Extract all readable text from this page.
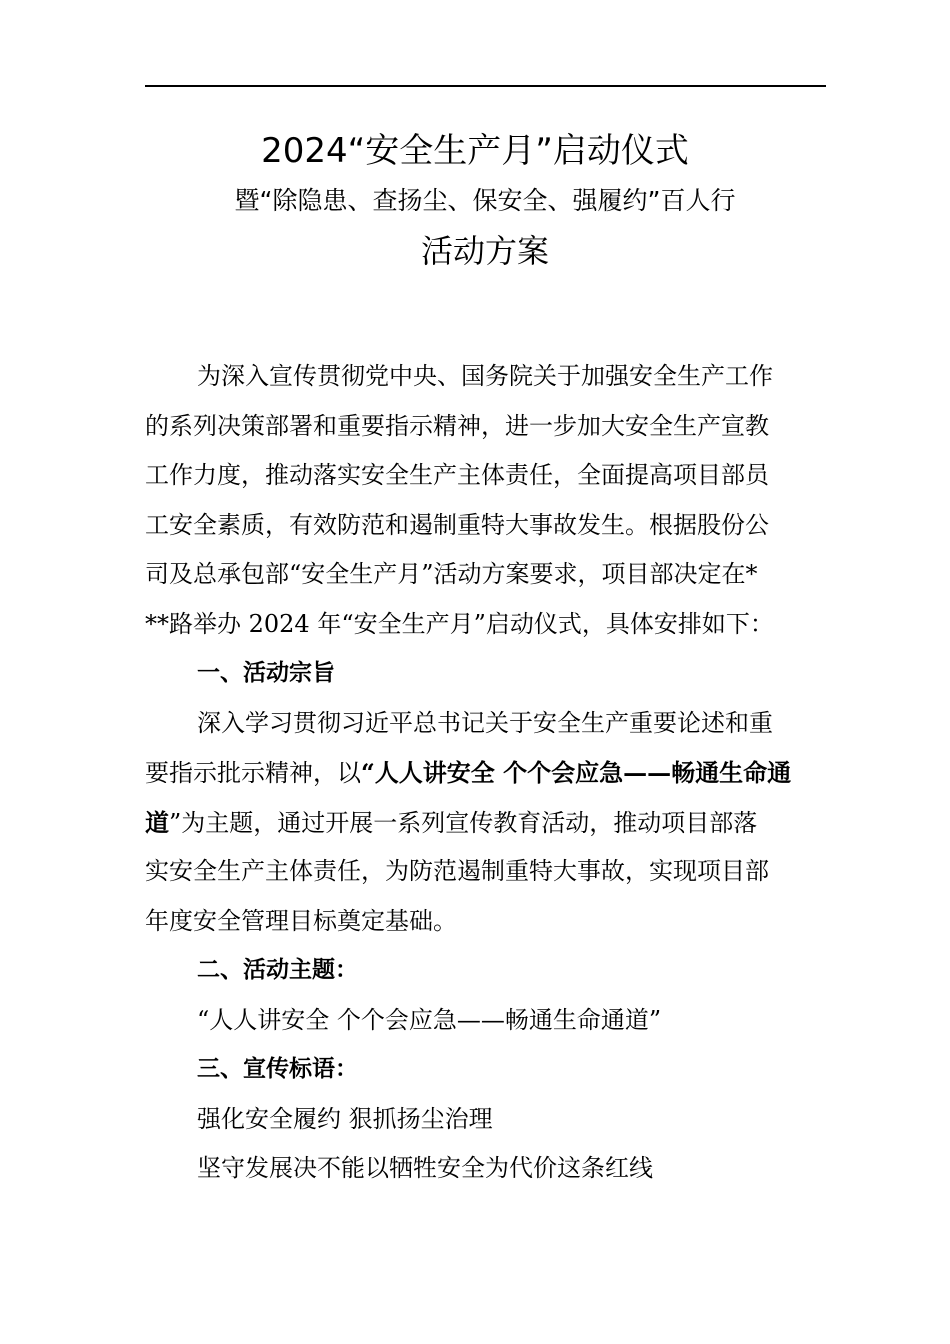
2024“安全生产月”启动仪式
暨“除隐患、查扬尘、保安全、强履约”百人行
活动方案
为深入宣传贯彻党中央、国务院关于加强安全生产工作
的系列决策部署和重要指示精神，进一步加大安全生产宣教
工作力度，推动落实安全生产主体责任，全面提高项目部员
工安全素质，有效防范和遏制重特大事故发生。根据股份公
司及总承包部“安全生产月”活动方案要求，项目部决定在*
**路举办 2024 年“安全生产月”启动仪式，具体安排如下：
一、活动宗旨
深入学习贯彻习近平总书记关于安全生产重要论述和重
要指示批示精神，以“人人讲安全 个个会应急——畅通生命通
道”为主题，通过开展一系列宣传教育活动，推动项目部落
实安全生产主体责任，为防范遏制重特大事故，实现项目部
年度安全管理目标奠定基础。
二、活动主题：
“人人讲安全 个个会应急——畅通生命通道”
三、宣传标语：
强化安全履约 狠抓扬尘治理
坚守发展决不能以牺牲安全为代价这条红线
